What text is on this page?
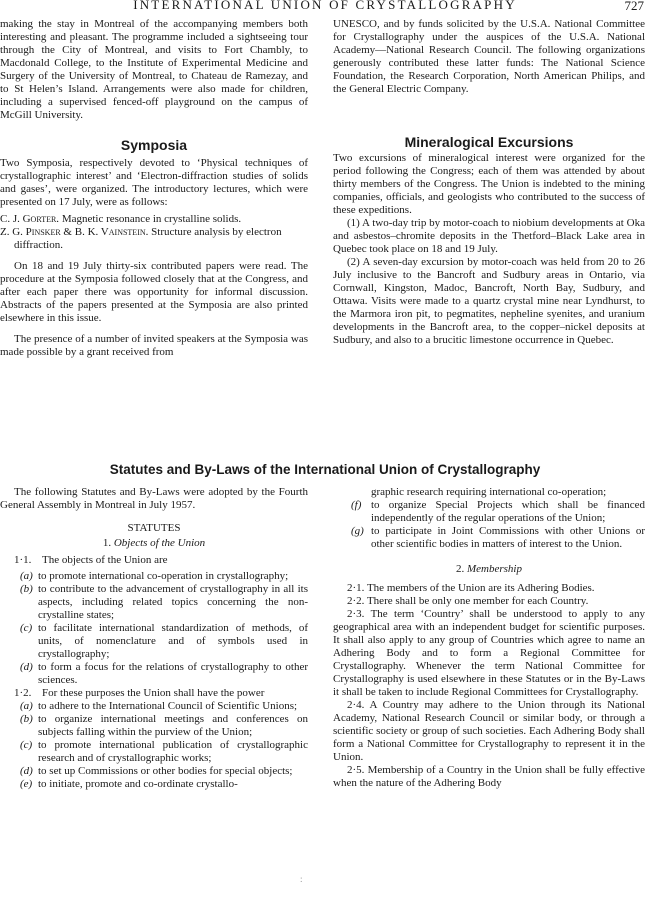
INTERNATIONAL UNION OF CRYSTALLOGRAPHY	727

making the stay in Montreal of the accompanying members both interesting and pleasant. The programme included a sightseeing tour through the City of Montreal, and visits to Fort Chambly, to Macdonald College, to the Institute of Experimental Medicine and Surgery of the University of Montreal, to Chateau de Ramezay, and to St Helen’s Island. Arrangements were also made for children, including a supervised fenced-off playground on the campus of McGill University.

Symposia

Two Symposia, respectively devoted to ‘Physical techniques of crystallographic interest’ and ‘Electron-diffraction studies of solids and gases’, were organized. The introductory lectures, which were presented on 17 July, were as follows:

C. J. Gorter. Magnetic resonance in crystalline solids.
Z. G. Pinsker & B. K. Vainstein. Structure analysis by electron diffraction.

On 18 and 19 July thirty-six contributed papers were read. The procedure at the Symposia followed closely that at the Congress, and after each paper there was opportunity for informal discussion. Abstracts of the papers presented at the Symposia are also printed elsewhere in this issue.

The presence of a number of invited speakers at the Symposia was made possible by a grant received from

UNESCO, and by funds solicited by the U.S.A. National Committee for Crystallography under the auspices of the U.S.A. National Academy—National Research Council. The following organizations generously contributed these latter funds: The National Science Foundation, the Research Corporation, North American Philips, and the General Electric Company.

Mineralogical Excursions

Two excursions of mineralogical interest were organized for the period following the Congress; each of them was attended by about thirty members of the Congress. The Union is indebted to the mining companies, officials, and geologists who contributed to the success of these expeditions.

(1) A two-day trip by motor-coach to niobium developments at Oka and asbestos–chromite deposits in the Thetford–Black Lake area in Quebec took place on 18 and 19 July.

(2) A seven-day excursion by motor-coach was held from 20 to 26 July inclusive to the Bancroft and Sudbury areas in Ontario, via Cornwall, Kingston, Madoc, Bancroft, North Bay, Sudbury, and Ottawa. Visits were made to a quartz crystal mine near Lyndhurst, to the Marmora iron pit, to pegmatites, nepheline syenites, and uranium developments in the Bancroft area, to the copper–nickel deposits at Sudbury, and also to a brucitic limestone occurrence in Quebec.

Statutes and By-Laws of the International Union of Crystallography

The following Statutes and By-Laws were adopted by the Fourth General Assembly in Montreal in July 1957.

STATUTES

1. Objects of the Union

1·1. The objects of the Union are

(a) to promote international co-operation in crystallography;
(b) to contribute to the advancement of crystallography in all its aspects, including related topics concerning the non-crystalline states;
(c) to facilitate international standardization of methods, of units, of nomenclature and of symbols used in crystallography;
(d) to form a focus for the relations of crystallography to other sciences.

1·2. For these purposes the Union shall have the power

(a) to adhere to the International Council of Scientific Unions;
(b) to organize international meetings and conferences on subjects falling within the purview of the Union;
(c) to promote international publication of crystallographic research and of crystallographic works;
(d) to set up Commissions or other bodies for special objects;
(e) to initiate, promote and co-ordinate crystallo-
graphic research requiring international co-operation;
(f) to organize Special Projects which shall be financed independently of the regular operations of the Union;
(g) to participate in Joint Commissions with other Unions or other scientific bodies in matters of interest to the Union.

2. Membership

2·1. The members of the Union are its Adhering Bodies.

2·2. There shall be only one member for each Country.

2·3. The term ‘Country’ shall be understood to apply to any geographical area with an independent budget for scientific purposes. It shall also apply to any group of Countries which agree to name an Adhering Body and to form a Regional Committee for Crystallography. Whenever the term National Committee for Crystallography is used elsewhere in these Statutes or in the By-Laws it shall be taken to include Regional Committees for Crystallography.

2·4. A Country may adhere to the Union through its National Academy, National Research Council or similar body, or through a scientific society or group of such societies. Each Adhering Body shall form a National Committee for Crystallography to represent it in the Union.

2·5. Membership of a Country in the Union shall be fully effective when the nature of the Adhering Body

:
